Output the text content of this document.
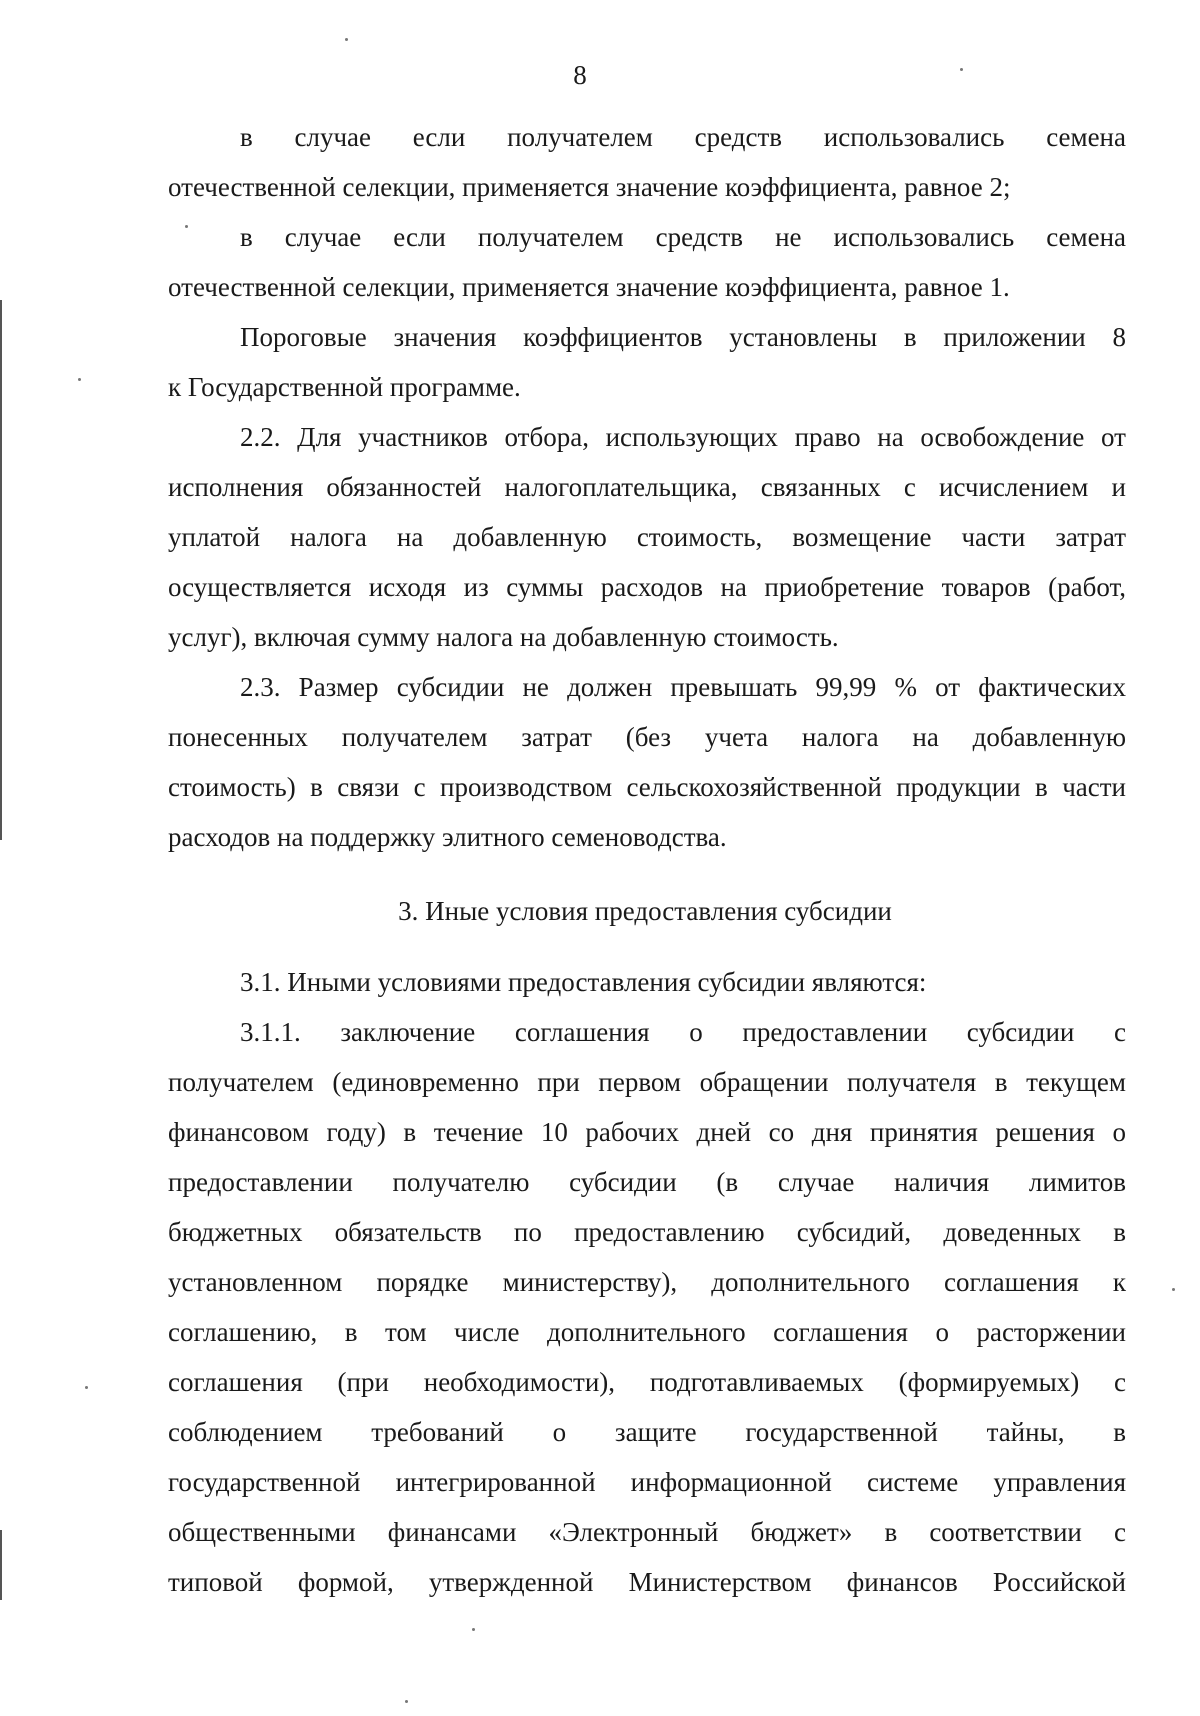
8
в случае если получателем средств использовались семена
отечественной селекции, применяется значение коэффициента, равное 2;
в случае если получателем средств не использовались семена
отечественной селекции, применяется значение коэффициента, равное 1.
Пороговые значения коэффициентов установлены в приложении 8
к Государственной программе.
2.2. Для участников отбора, использующих право на освобождение от
исполнения обязанностей налогоплательщика, связанных с исчислением и
уплатой налога на добавленную стоимость, возмещение части затрат
осуществляется исходя из суммы расходов на приобретение товаров (работ,
услуг), включая сумму налога на добавленную стоимость.
2.3. Размер субсидии не должен превышать 99,99 % от фактических
понесенных получателем затрат (без учета налога на добавленную
стоимость) в связи с производством сельскохозяйственной продукции в части
расходов на поддержку элитного семеноводства.
3. Иные условия предоставления субсидии
3.1. Иными условиями предоставления субсидии являются:
3.1.1. заключение соглашения о предоставлении субсидии с
получателем (единовременно при первом обращении получателя в текущем
финансовом году) в течение 10 рабочих дней со дня принятия решения о
предоставлении получателю субсидии (в случае наличия лимитов
бюджетных обязательств по предоставлению субсидий, доведенных в
установленном порядке министерству), дополнительного соглашения к
соглашению, в том числе дополнительного соглашения о расторжении
соглашения (при необходимости), подготавливаемых (формируемых) с
соблюдением требований о защите государственной тайны, в
государственной интегрированной информационной системе управления
общественными финансами «Электронный бюджет» в соответствии с
типовой формой, утвержденной Министерством финансов Российской
